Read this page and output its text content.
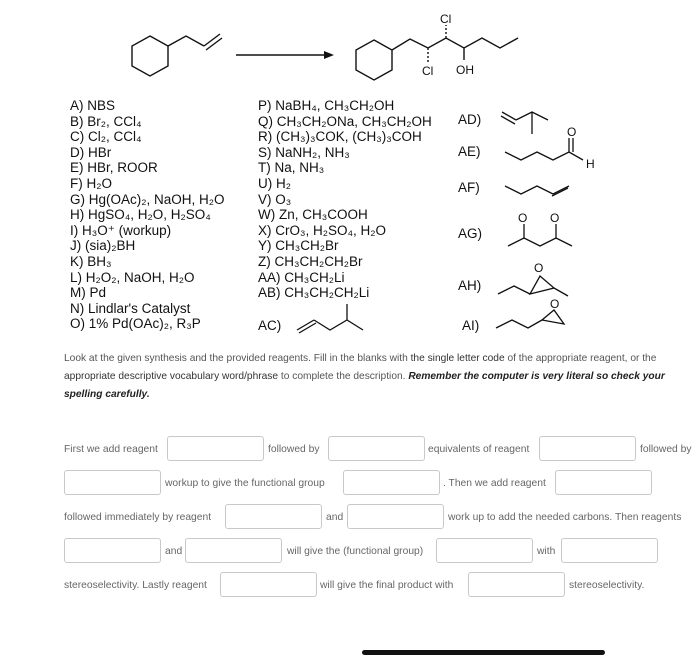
Cl
Cl OH
A) NBS
B) Br₂, CCl₄
C) Cl₂, CCl₄
D) HBr
E) HBr, ROOR
F) H₂O
G) Hg(OAc)₂, NaOH, H₂O
H) HgSO₄, H₂O, H₂SO₄
I) H₃O⁺ (workup)
J) (sia)₂BH
K) BH₃
L) H₂O₂, NaOH, H₂O
M) Pd
N) Lindlar's Catalyst
O) 1% Pd(OAc)₂, R₃P
P) NaBH₄, CH₃CH₂OH
Q) CH₃CH₂ONa, CH₃CH₂OH
R) (CH₃)₃COK, (CH₃)₃COH
S) NaNH₂, NH₃
T) Na, NH₃
U) H₂
V) O₃
W) Zn, CH₃COOH
X) CrO₃, H₂SO₄, H₂O
Y) CH₃CH₂Br
Z) CH₃CH₂CH₂Br
AA) CH₃CH₂Li
AB) CH₃CH₂CH₂Li
AC)
AD)
AE)
O
H
AF)
AG)
O O
AH)
O
AI)
O
Look at the given synthesis and the provided reagents. Fill in the blanks with the single letter code of the appropriate reagent, or the appropriate descriptive vocabulary word/phrase to complete the description. Remember the computer is very literal so check your spelling carefully.
First we add reagent	followed by	equivalents of reagent	followed by
workup to give the functional group	. Then we add reagent
followed immediately by reagent	and	work up to add the needed carbons. Then reagents
and	will give the (functional group)	with
stereoselectivity. Lastly reagent	will give the final product with	stereoselectivity.
